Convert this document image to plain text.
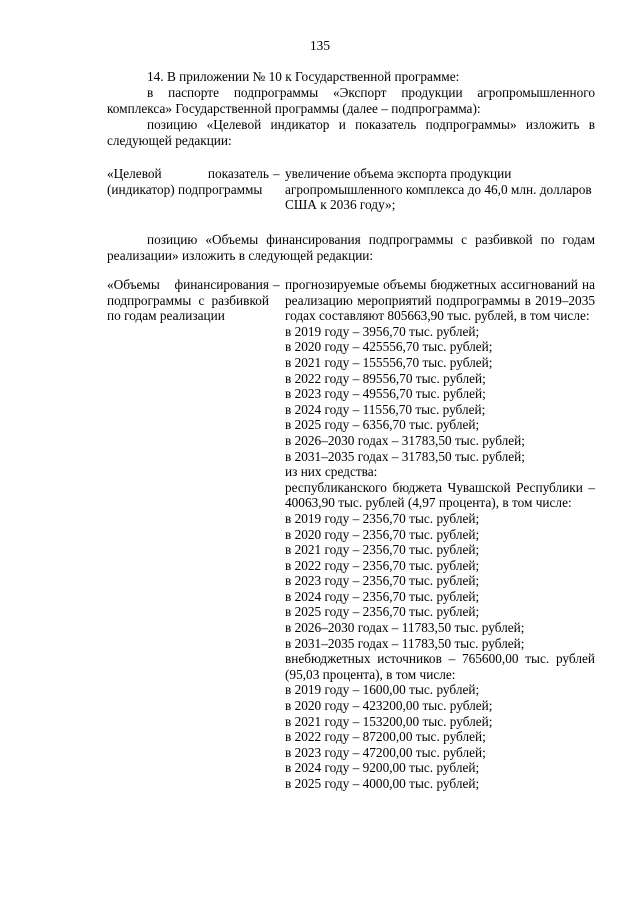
135
14. В приложении № 10 к Государственной программе:
в паспорте подпрограммы «Экспорт продукции агропромышленного комплекса» Государственной программы (далее – подпрограмма):
позицию «Целевой индикатор и показатель подпрограммы» изложить в следующей редакции:
«Целевой показатель (индикатор) подпрограммы
– увеличение объема экспорта продукции агропромышленного комплекса до 46,0 млн. долларов США к 2036 году»;
позицию «Объемы финансирования подпрограммы с разбивкой по годам реализации» изложить в следующей редакции:
«Объемы финансирования подпрограммы с разбивкой по годам реализации
– прогнозируемые объемы бюджетных ассигнований на реализацию мероприятий подпрограммы в 2019–2035 годах составляют 805663,90 тыс. рублей, в том числе:
в 2019 году – 3956,70 тыс. рублей;
в 2020 году – 425556,70 тыс. рублей;
в 2021 году – 155556,70 тыс. рублей;
в 2022 году – 89556,70 тыс. рублей;
в 2023 году – 49556,70 тыс. рублей;
в 2024 году – 11556,70 тыс. рублей;
в 2025 году – 6356,70 тыс. рублей;
в 2026–2030 годах – 31783,50 тыс. рублей;
в 2031–2035 годах – 31783,50 тыс. рублей;
из них средства:
республиканского бюджета Чувашской Республики – 40063,90 тыс. рублей (4,97 процента), в том числе:
в 2019 году – 2356,70 тыс. рублей;
в 2020 году – 2356,70 тыс. рублей;
в 2021 году – 2356,70 тыс. рублей;
в 2022 году – 2356,70 тыс. рублей;
в 2023 году – 2356,70 тыс. рублей;
в 2024 году – 2356,70 тыс. рублей;
в 2025 году – 2356,70 тыс. рублей;
в 2026–2030 годах – 11783,50 тыс. рублей;
в 2031–2035 годах – 11783,50 тыс. рублей;
внебюджетных источников – 765600,00 тыс. рублей (95,03 процента), в том числе:
в 2019 году – 1600,00 тыс. рублей;
в 2020 году – 423200,00 тыс. рублей;
в 2021 году – 153200,00 тыс. рублей;
в 2022 году – 87200,00 тыс. рублей;
в 2023 году – 47200,00 тыс. рублей;
в 2024 году – 9200,00 тыс. рублей;
в 2025 году – 4000,00 тыс. рублей;
